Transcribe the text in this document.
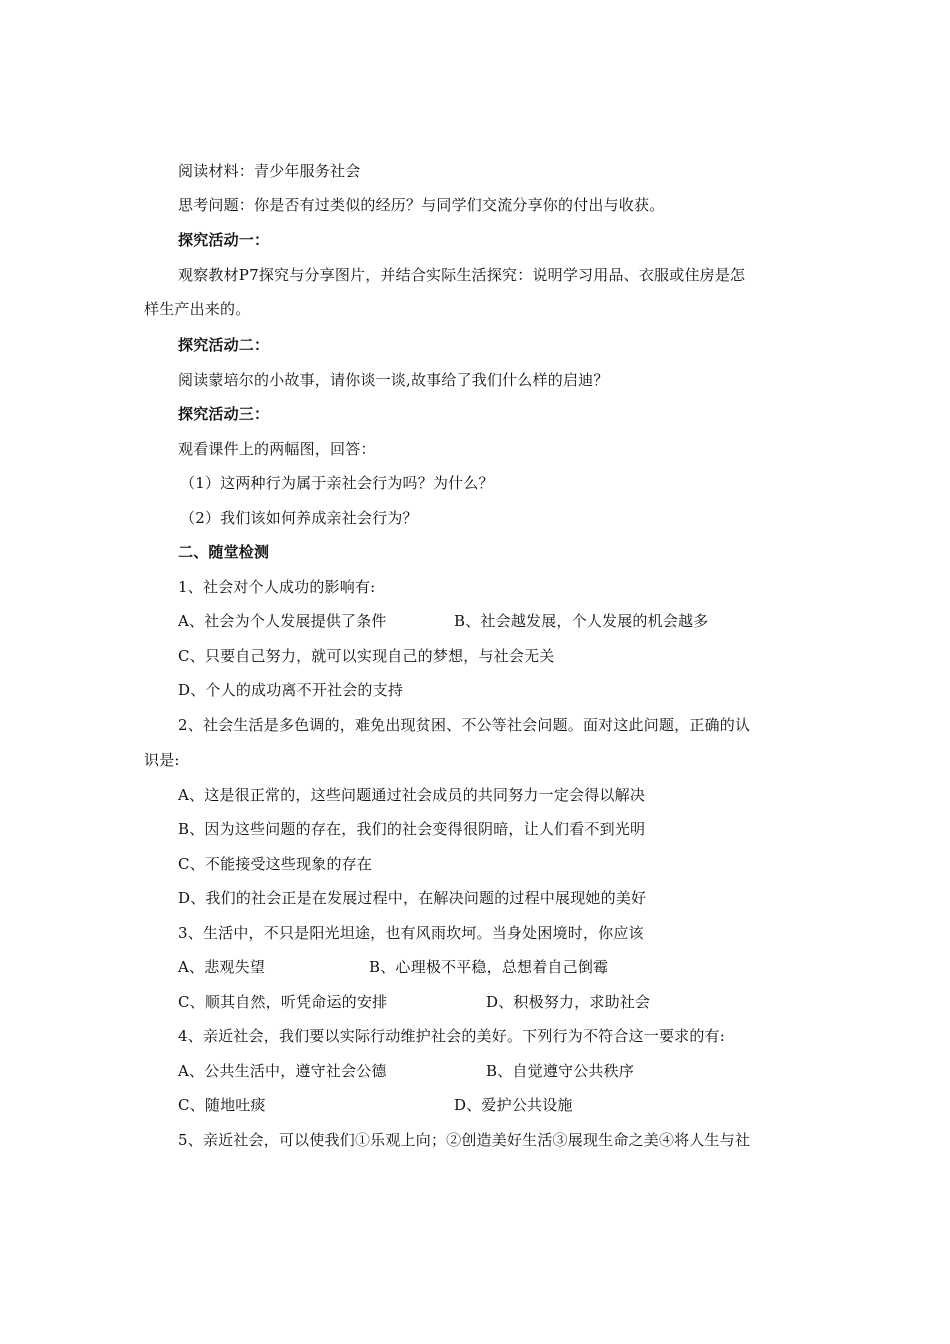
阅读材料：青少年服务社会
思考问题：你是否有过类似的经历？与同学们交流分享你的付出与收获。
探究活动一：
观察教材P7探究与分享图片，并结合实际生活探究：说明学习用品、衣服或住房是怎
样生产出来的。
探究活动二：
阅读蒙培尔的小故事，请你谈一谈,故事给了我们什么样的启迪？
探究活动三：
观看课件上的两幅图，回答：
（1）这两种行为属于亲社会行为吗？为什么？
（2）我们该如何养成亲社会行为？
二、随堂检测
1、社会对个人成功的影响有:
A、社会为个人发展提供了条件	B、社会越发展，个人发展的机会越多
C、只要自己努力，就可以实现自己的梦想，与社会无关
D、个人的成功离不开社会的支持
2、社会生活是多色调的，难免出现贫困、不公等社会问题。面对这此问题，正确的认
识是:
A、这是很正常的，这些问题通过社会成员的共同努力一定会得以解决
B、因为这些问题的存在，我们的社会变得很阴暗，让人们看不到光明
C、不能接受这些现象的存在
D、我们的社会正是在发展过程中，在解决问题的过程中展现她的美好
3、生活中，不只是阳光坦途，也有风雨坎坷。当身处困境时，你应该
A、悲观失望	B、心理极不平稳，总想着自己倒霉
C、顺其自然，听凭命运的安排	D、积极努力，求助社会
4、亲近社会，我们要以实际行动维护社会的美好。下列行为不符合这一要求的有:
A、公共生活中，遵守社会公德	B、自觉遵守公共秩序
C、随地吐痰	D、爱护公共设施
5、亲近社会，可以使我们①乐观上向；②创造美好生活③展现生命之美④将人生与社
